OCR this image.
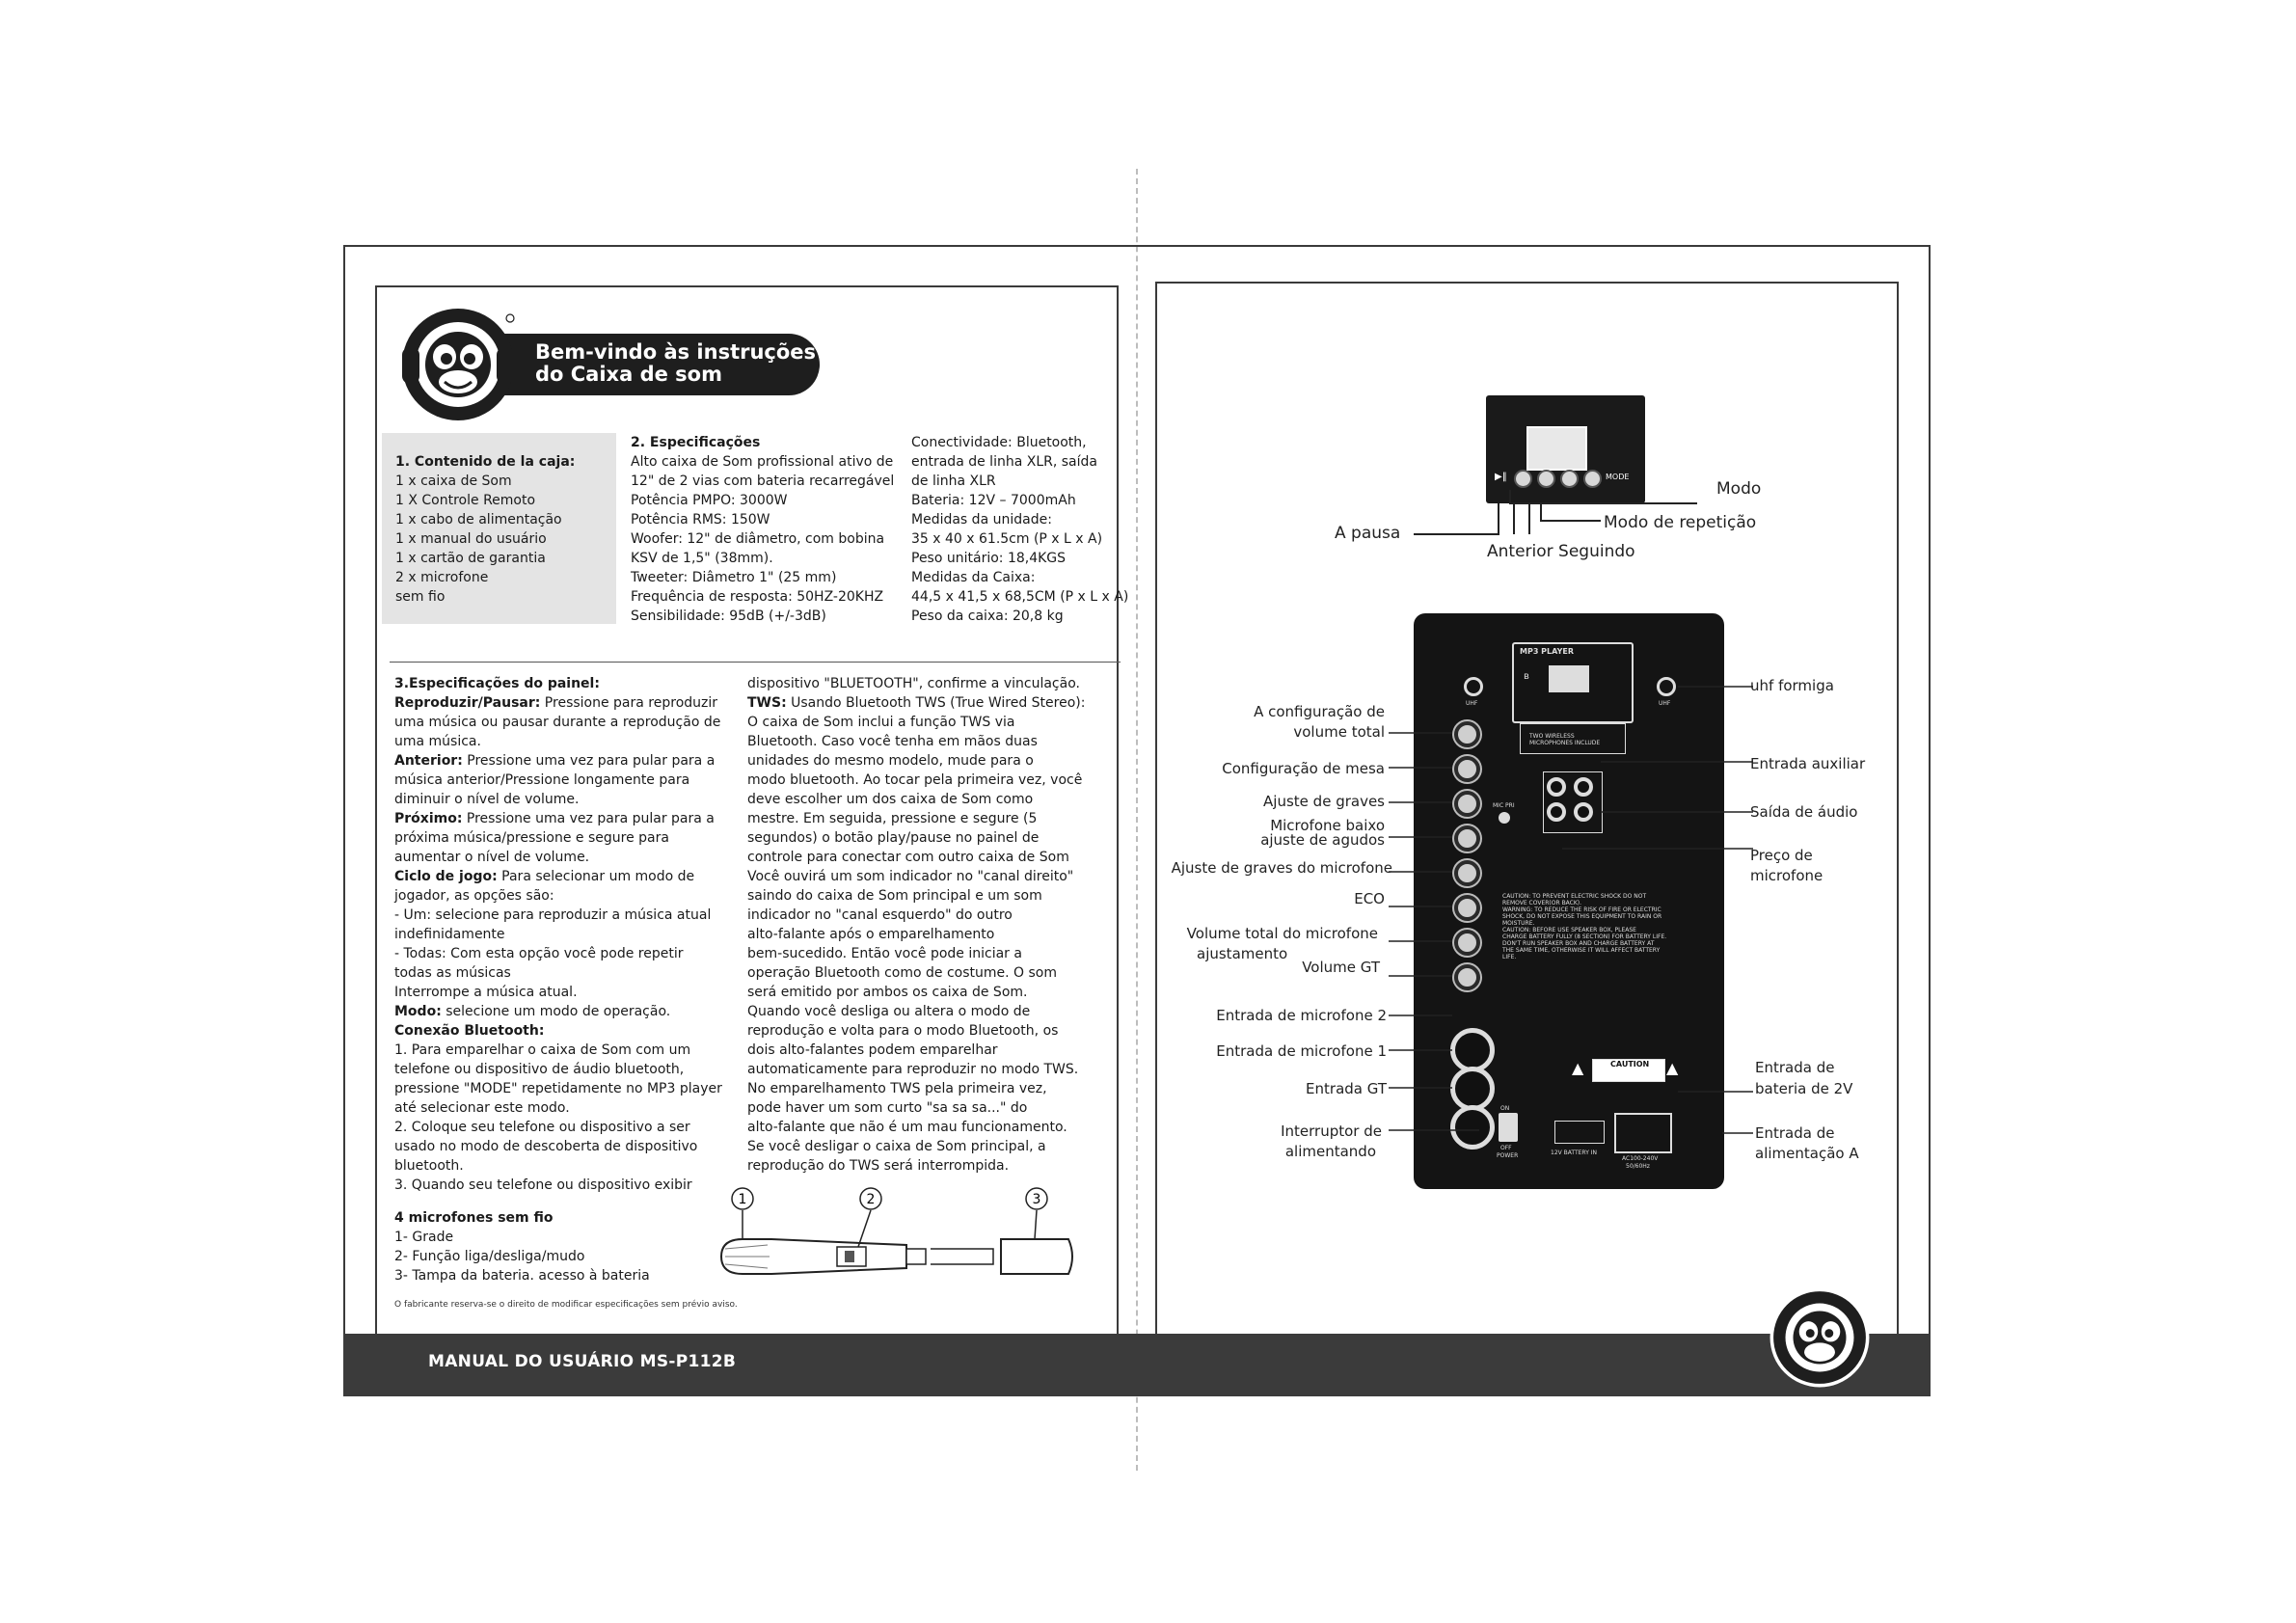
Bem-vindo às instruções
do Caixa de som
1. Contenido de la caja:
1 x caixa de Som
1 X Controle Remoto
1 x cabo de alimentação
1 x manual do usuário
1 x cartão de garantia
2 x microfone
sem fio
2. Especificações
Alto caixa de Som profissional ativo de
12" de 2 vias com bateria recarregável
Potência PMPO: 3000W
Potência RMS: 150W
Woofer: 12" de diâmetro, com bobina
KSV de 1,5" (38mm).
Tweeter: Diâmetro 1" (25 mm)
Frequência de resposta: 50HZ-20KHZ
Sensibilidade: 95dB (+/-3dB)
Conectividade: Bluetooth,
entrada de linha XLR, saída
de linha XLR
Bateria: 12V – 7000mAh
Medidas da unidade:
35 x 40 x 61.5cm (P x L x A)
Peso unitário: 18,4KGS
Medidas da Caixa:
44,5 x 41,5 x 68,5CM (P x L x A)
Peso da caixa: 20,8 kg
3.Especificações do painel:
Reproduzir/Pausar: Pressione para reproduzir
uma música ou pausar durante a reprodução de
uma música.
Anterior: Pressione uma vez para pular para a
música anterior/Pressione longamente para
diminuir o nível de volume.
Próximo: Pressione uma vez para pular para a
próxima música/pressione e segure para
aumentar o nível de volume.
Ciclo de jogo: Para selecionar um modo de
jogador, as opções são:
- Um: selecione para reproduzir a música atual
indefinidamente
- Todas: Com esta opção você pode repetir
todas as músicas
Interrompe a música atual.
Modo: selecione um modo de operação.
Conexão Bluetooth:
1. Para emparelhar o caixa de Som com um
telefone ou dispositivo de áudio bluetooth,
pressione "MODE" repetidamente no MP3 player
até selecionar este modo.
2. Coloque seu telefone ou dispositivo a ser
usado no modo de descoberta de dispositivo
bluetooth.
3. Quando seu telefone ou dispositivo exibir
dispositivo "BLUETOOTH", confirme a vinculação.
TWS: Usando Bluetooth TWS (True Wired Stereo):
O caixa de Som inclui a função TWS via
Bluetooth. Caso você tenha em mãos duas
unidades do mesmo modelo, mude para o
modo bluetooth. Ao tocar pela primeira vez, você
deve escolher um dos caixa de Som como
mestre. Em seguida, pressione e segure (5
segundos) o botão play/pause no painel de
controle para conectar com outro caixa de Som
Você ouvirá um som indicador no "canal direito"
saindo do caixa de Som principal e um som
indicador no "canal esquerdo" do outro
alto-falante após o emparelhamento
bem-sucedido. Então você pode iniciar a
operação Bluetooth como de costume. O som
será emitido por ambos os caixa de Som.
Quando você desliga ou altera o modo de
reprodução e volta para o modo Bluetooth, os
dois alto-falantes podem emparelhar
automaticamente para reproduzir no modo TWS.
No emparelhamento TWS pela primeira vez,
pode haver um som curto "sa sa sa..." do
alto-falante que não é um mau funcionamento.
Se você desligar o caixa de Som principal, a
reprodução do TWS será interrompida.
4 microfones sem fio
1- Grade
2- Função liga/desliga/mudo
3- Tampa da bateria. acesso à bateria
O fabricante reserva-se o direito de modificar especificações sem prévio aviso.
1	2	3
▶‖	MODE
Modo
Modo de repetição
A pausa
Anterior Seguindo
MP3 PLAYER
ʙ
UHF	UHF
TWO WIRELESS MICROPHONES INCLUDE
MIC PRI
CAUTION: TO PREVENT ELECTRIC SHOCK DO NOT
REMOVE COVER(OR BACK).
WARNING: TO REDUCE THE RISK OF FIRE OR ELECTRIC
SHOCK, DO NOT EXPOSE THIS EQUIPMENT TO RAIN OR
MOISTURE.
CAUTION: BEFORE USE SPEAKER BOX, PLEASE
CHARGE BATTERY FULLY (8 SECTION) FOR BATTERY LIFE.
DON'T RUN SPEAKER BOX AND CHARGE BATTERY AT
THE SAME TIME, OTHERWISE IT WILL AFFECT BATTERY
LIFE.
CAUTION
▲	▲
ON
OFF
POWER	12V BATTERY IN
AC100-240V
50/60Hz
A configuração de
volume total
Configuração de mesa
Ajuste de graves
Microfone baixo
ajuste de agudos
Ajuste de graves do microfone
ECO
Volume total do microfone
ajustamento
Volume GT
Entrada de microfone 2
Entrada de microfone 1
Entrada GT
Interruptor de
alimentando
uhf formiga
Entrada auxiliar
Saída de áudio
Preço de
microfone
Entrada de
bateria de 2V
Entrada de
alimentação A
MANUAL DO USUÁRIO MS-P112B
